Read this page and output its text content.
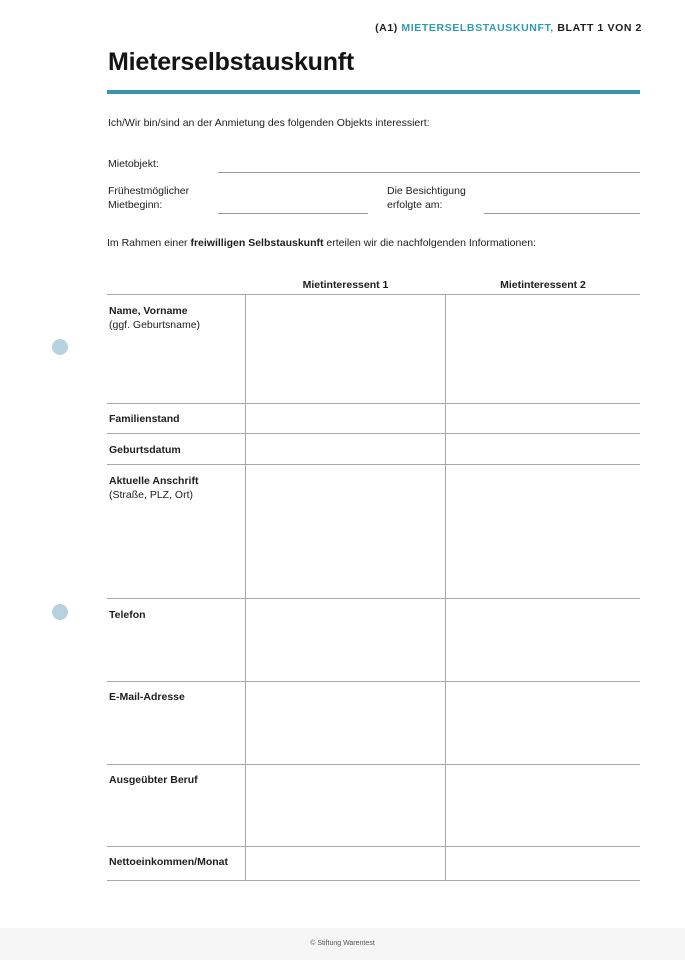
(A1) MIETERSELBSTAUSKUNFT, BLATT 1 VON 2
Mieterselbstauskunft
Ich/Wir bin/sind an der Anmietung des folgenden Objekts interessiert:
Mietobjekt:
Frühestmöglicher
Mietbeginn:
Die Besichtigung
erfolgte am:
Im Rahmen einer freiwilligen Selbstauskunft erteilen wir die nachfolgenden Informationen:
Mietinteressent 1	Mietinteressent 2
Name, Vorname
(ggf. Geburtsname)
Familienstand
Geburtsdatum
Aktuelle Anschrift
(Straße, PLZ, Ort)
Telefon
E-Mail-Adresse
Ausgeübter Beruf
Nettoeinkommen/Monat
© Stiftung Warentest
